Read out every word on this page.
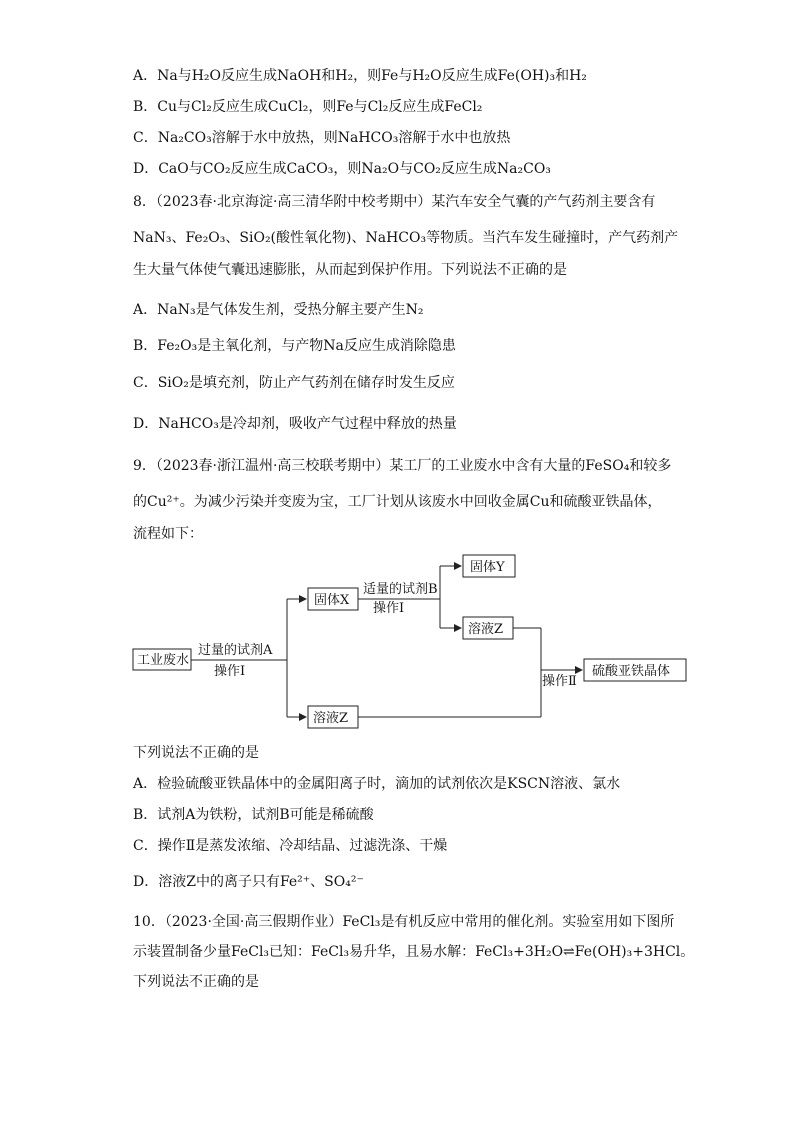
A．Na与H₂O反应生成NaOH和H₂，则Fe与H₂O反应生成Fe(OH)₃和H₂
B．Cu与Cl₂反应生成CuCl₂，则Fe与Cl₂反应生成FeCl₂
C．Na₂CO₃溶解于水中放热，则NaHCO₃溶解于水中也放热
D．CaO与CO₂反应生成CaCO₃，则Na₂O与CO₂反应生成Na₂CO₃
8．（2023春·北京海淀·高三清华附中校考期中）某汽车安全气囊的产气药剂主要含有
NaN₃、Fe₂O₃、SiO₂(酸性氧化物)、NaHCO₃等物质。当汽车发生碰撞时，产气药剂产
生大量气体使气囊迅速膨胀，从而起到保护作用。下列说法不正确的是
A．NaN₃是气体发生剂，受热分解主要产生N₂
B．Fe₂O₃是主氧化剂，与产物Na反应生成消除隐患
C．SiO₂是填充剂，防止产气药剂在储存时发生反应
D．NaHCO₃是冷却剂，吸收产气过程中释放的热量
9．（2023春·浙江温州·高三校联考期中）某工厂的工业废水中含有大量的FeSO₄和较多
的Cu²⁺。为减少污染并变废为宝，工厂计划从该废水中回收金属Cu和硫酸亚铁晶体，
流程如下：
工业废水
过量的试剂A
操作Ⅰ
固体X
适量的试剂B
操作Ⅰ
固体Y
溶液Z
溶液Z
操作Ⅱ
硫酸亚铁晶体
下列说法不正确的是
A．检验硫酸亚铁晶体中的金属阳离子时，滴加的试剂依次是KSCN溶液、氯水
B．试剂A为铁粉，试剂B可能是稀硫酸
C．操作Ⅱ是蒸发浓缩、冷却结晶、过滤洗涤、干燥
D．溶液Z中的离子只有Fe²⁺、SO₄²⁻
10．（2023·全国·高三假期作业）FeCl₃是有机反应中常用的催化剂。实验室用如下图所
示装置制备少量FeCl₃已知：FeCl₃易升华，且易水解：FeCl₃+3H₂O⇌Fe(OH)₃+3HCl。
下列说法不正确的是
